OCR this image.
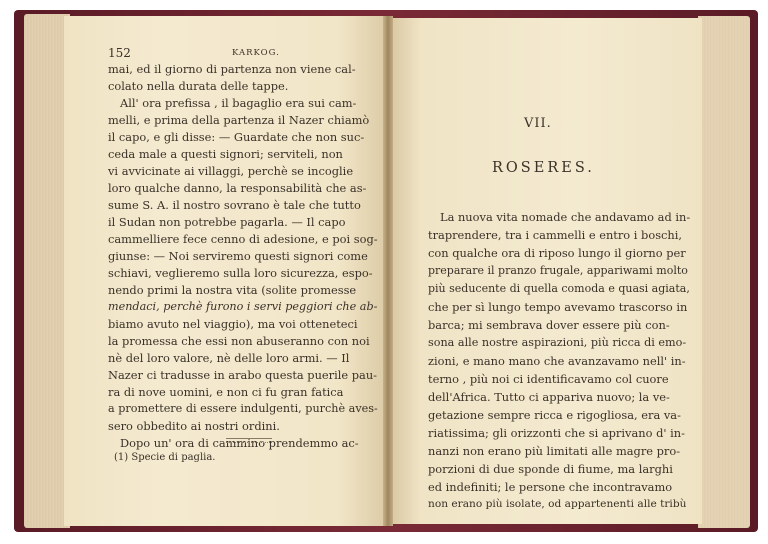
152	KARKOG.
mai, ed il giorno di partenza non viene cal-
colato nella durata delle tappe.
All' ora prefissa , il bagaglio era sui cam-
melli, e prima della partenza il Nazer chiamò
il capo, e gli disse: — Guardate che non suc-
ceda male a questi signori; serviteli, non
vi avvicinate ai villaggi, perchè se incoglie
loro qualche danno, la responsabilità che as-
sume S. A. il nostro sovrano è tale che tutto
il Sudan non potrebbe pagarla. — Il capo
cammelliere fece cenno di adesione, e poi sog-
giunse: — Noi serviremo questi signori come
schiavi, veglieremo sulla loro sicurezza, espo-
nendo primi la nostra vita (solite promesse
mendaci, perchè furono i servi peggiori che ab-
biamo avuto nel viaggio), ma voi otteneteci
la promessa che essi non abuseranno con noi
nè del loro valore, nè delle loro armi. — Il
Nazer ci tradusse in arabo questa puerile pau-
ra di nove uomini, e non ci fu gran fatica
a promettere di essere indulgenti, purchè aves-
sero obbedito ai nostri ordini.
Dopo un' ora di cammino prendemmo ac-
(1) Specie di paglia.
VII.
ROSERES.
La nuova vita nomade che andavamo ad in-
traprendere, tra i cammelli e entro i boschi,
con qualche ora di riposo lungo il giorno per
preparare il pranzo frugale, appariwami molto
più seducente di quella comoda e quasi agiata,
che per sì lungo tempo avevamo trascorso in
barca; mi sembrava dover essere più con-
sona alle nostre aspirazioni, più ricca di emo-
zioni, e mano mano che avanzavamo nell' in-
terno , più noi ci identificavamo col cuore
dell'Africa. Tutto ci appariva nuovo; la ve-
getazione sempre ricca e rigogliosa, era va-
riatissima; gli orizzonti che si aprivano d' in-
nanzi non erano più limitati alle magre pro-
porzioni di due sponde di fiume, ma larghi
ed indefiniti; le persone che incontravamo
non erano più isolate, od appartenenti alle tribù
